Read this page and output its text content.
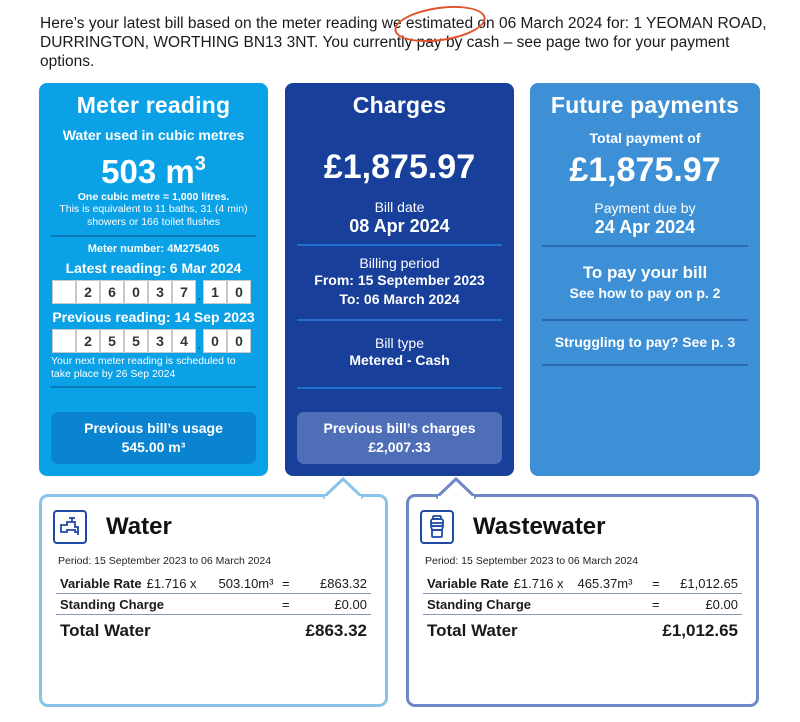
Here’s your latest bill based on the meter reading we estimated on 06 March 2024 for: 1 YEOMAN ROAD, DURRINGTON, WORTHING BN13 3NT. You currently pay by cash – see page two for your payment options.

Meter reading
Water used in cubic metres
503 $m^3$
One cubic metre = 1,000 litres.
This is equivalent to 11 baths, 31 (4 min) showers or 166 toilet flushes
Meter number: 4M275405
Latest reading: 6 Mar 2024
2	6	0	3	7 . 1	0
Previous reading: 14 Sep 2023
2	5	5	3	4 . 0	0
Your next meter reading is scheduled to take place by 26 Sep 2024
Previous bill’s usage
545.00 m³
Charges
£1,875.97
Bill date
08 Apr 2024
Billing period
From: 15 September 2023
To: 06 March 2024
Bill type
Metered - Cash
Previous bill’s charges
£2,007.33
Future payments
Total payment of
£1,875.97
Payment due by
24 Apr 2024
To pay your bill
See how to pay on p. 2
Struggling to pay? See p. 3
Water
Period: 15 September 2023 to 06 March 2024
Variable Rate £1.716 x 503.10m³ = £863.32
Standing Charge	=	£0.00
Total Water	£863.32
Wastewater
Period: 15 September 2023 to 06 March 2024
Variable Rate £1.716 x 465.37m³ = £1,012.65
Standing Charge	=	£0.00
Total Water	£1,012.65
